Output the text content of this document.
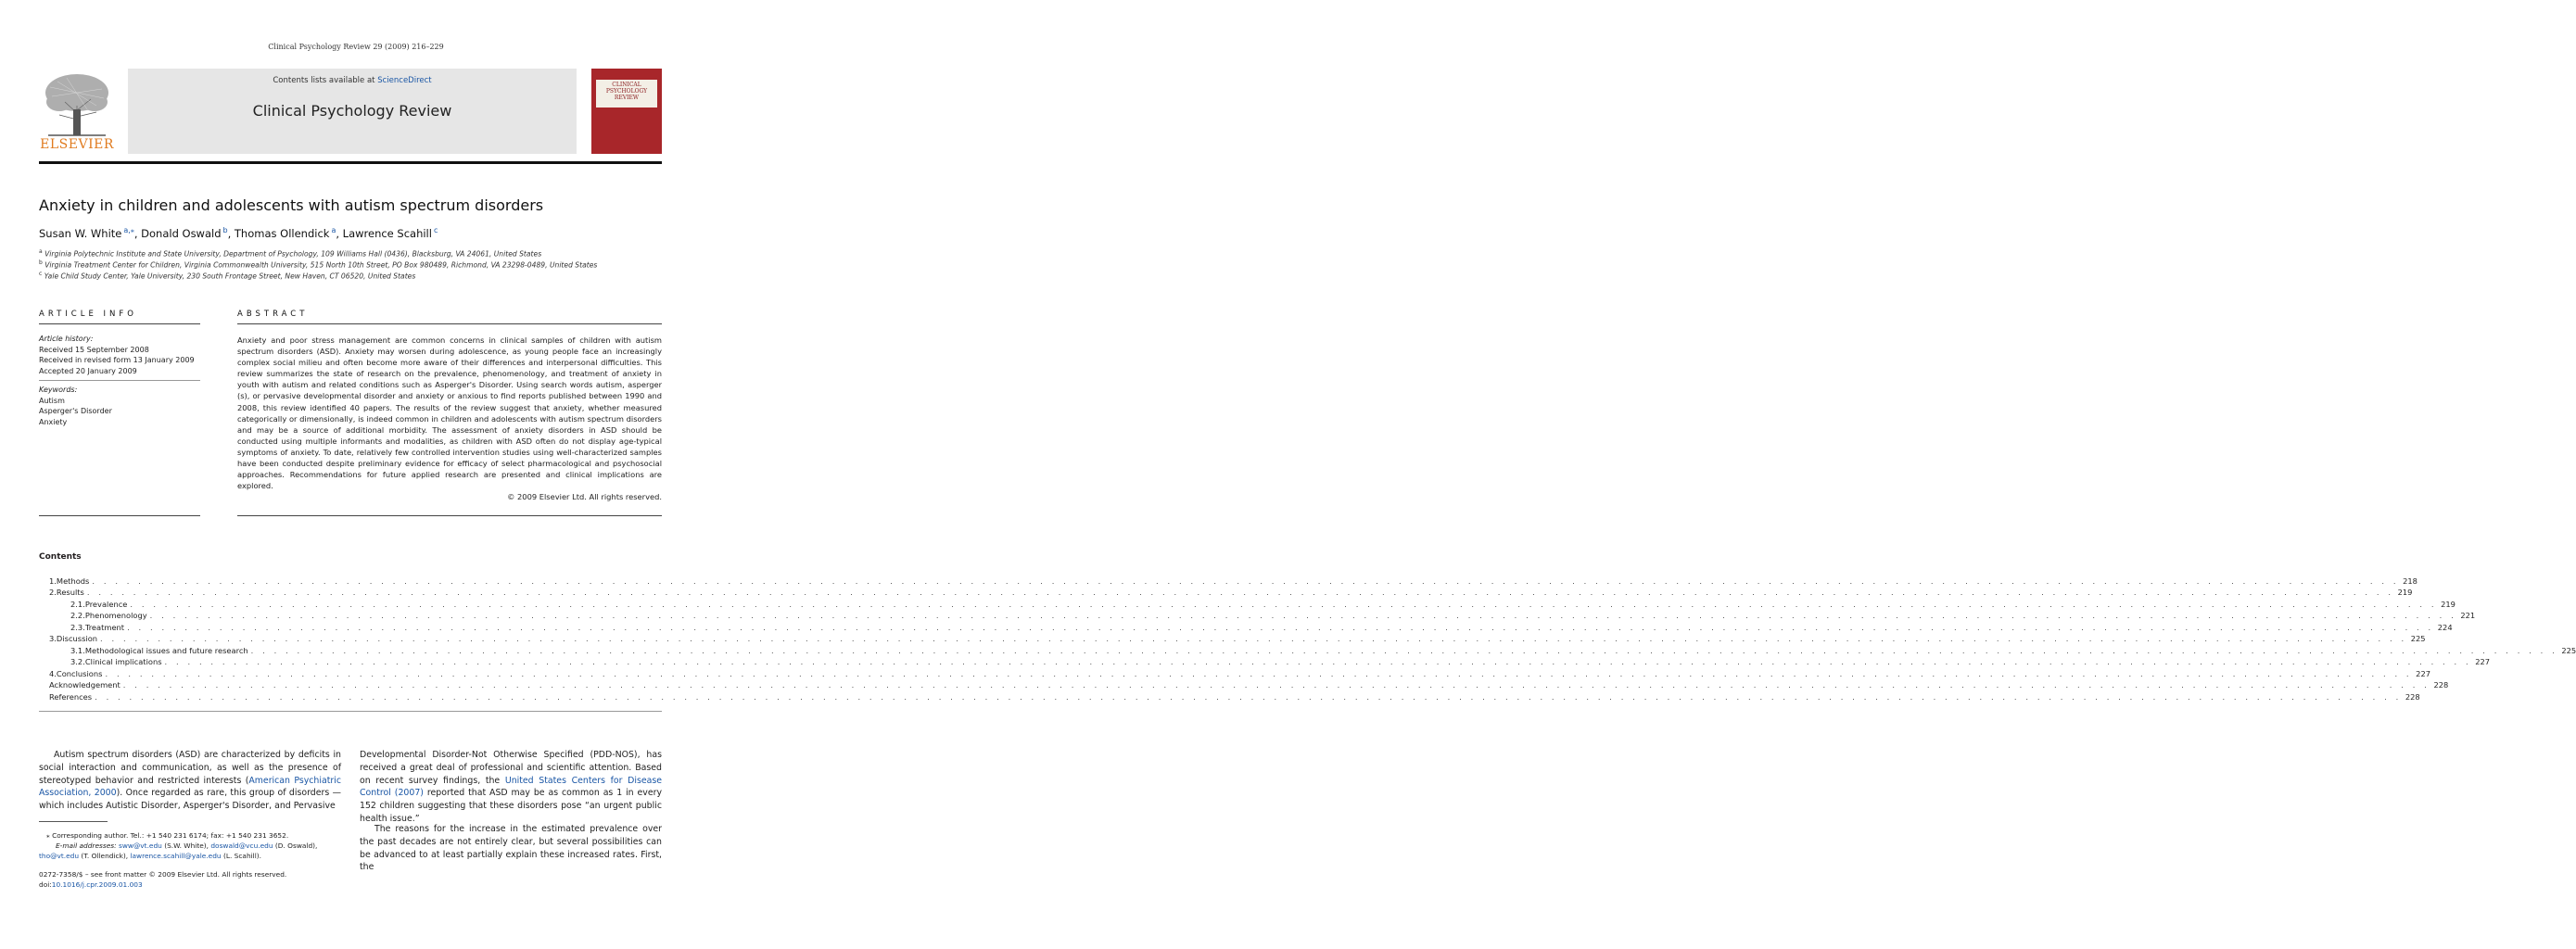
Clinical Psychology Review 29 (2009) 216–229
ELSEVIER
Contents lists available at ScienceDirect
Clinical Psychology Review
CLINICAL PSYCHOLOGY REVIEW
Anxiety in children and adolescents with autism spectrum disorders
Susan W. White $^{a,⁎}$, Donald Oswald $^b$, Thomas Ollendick $^a$, Lawrence Scahill $^c$
$^a$ Virginia Polytechnic Institute and State University, Department of Psychology, 109 Williams Hall (0436), Blacksburg, VA 24061, United States
$^b$ Virginia Treatment Center for Children, Virginia Commonwealth University, 515 North 10th Street, PO Box 980489, Richmond, VA 23298-0489, United States
$^c$ Yale Child Study Center, Yale University, 230 South Frontage Street, New Haven, CT 06520, United States
ARTICLE INFO
Article history:
Received 15 September 2008
Received in revised form 13 January 2009
Accepted 20 January 2009
Keywords:
Autism
Asperger's Disorder
Anxiety
ABSTRACT
Anxiety and poor stress management are common concerns in clinical samples of children with autism spectrum disorders (ASD). Anxiety may worsen during adolescence, as young people face an increasingly complex social milieu and often become more aware of their differences and interpersonal difficulties. This review summarizes the state of research on the prevalence, phenomenology, and treatment of anxiety in youth with autism and related conditions such as Asperger's Disorder. Using search words autism, asperger (s), or pervasive developmental disorder and anxiety or anxious to find reports published between 1990 and 2008, this review identified 40 papers. The results of the review suggest that anxiety, whether measured categorically or dimensionally, is indeed common in children and adolescents with autism spectrum disorders and may be a source of additional morbidity. The assessment of anxiety disorders in ASD should be conducted using multiple informants and modalities, as children with ASD often do not display age-typical symptoms of anxiety. To date, relatively few controlled intervention studies using well-characterized samples have been conducted despite preliminary evidence for efficacy of select pharmacological and psychosocial approaches. Recommendations for future applied research are presented and clinical implications are explored.
© 2009 Elsevier Ltd. All rights reserved.
Contents
1. Methods . . . . . . . . . . . . . . . . . . . . . . . . . . . . . . . . . . . . . . . . . . . . . . . . . . . . . . . . . . . . . . . . . . . . . . . . . . . . . . . . . . . . . . . . . . . . . . . . . . . . . . . . . . . . . . . . . . . . . . . . . . . . . . . . . . . . . . . . . . . . . . . . . . . . . . . . . . . . . . . . . . . . . . . . . . . . . . . . . . . . . . . . . . . . . . . . . . . . . . . . 218
2. Results . . . . . . . . . . . . . . . . . . . . . . . . . . . . . . . . . . . . . . . . . . . . . . . . . . . . . . . . . . . . . . . . . . . . . . . . . . . . . . . . . . . . . . . . . . . . . . . . . . . . . . . . . . . . . . . . . . . . . . . . . . . . . . . . . . . . . . . . . . . . . . . . . . . . . . . . . . . . . . . . . . . . . . . . . . . . . . . . . . . . . . . . . . . . . . . . . . . . . . . . 219
2.1. Prevalence . . . . . . . . . . . . . . . . . . . . . . . . . . . . . . . . . . . . . . . . . . . . . . . . . . . . . . . . . . . . . . . . . . . . . . . . . . . . . . . . . . . . . . . . . . . . . . . . . . . . . . . . . . . . . . . . . . . . . . . . . . . . . . . . . . . . . . . . . . . . . . . . . . . . . . . . . . . . . . . . . . . . . . . . . . . . . . . . . . . . . . . . . . . . . . . . . . . . . . . . 219
2.2. Phenomenology . . . . . . . . . . . . . . . . . . . . . . . . . . . . . . . . . . . . . . . . . . . . . . . . . . . . . . . . . . . . . . . . . . . . . . . . . . . . . . . . . . . . . . . . . . . . . . . . . . . . . . . . . . . . . . . . . . . . . . . . . . . . . . . . . . . . . . . . . . . . . . . . . . . . . . . . . . . . . . . . . . . . . . . . . . . . . . . . . . . . . . . . . . . . . . . . . . . . . . . . 221
2.3. Treatment . . . . . . . . . . . . . . . . . . . . . . . . . . . . . . . . . . . . . . . . . . . . . . . . . . . . . . . . . . . . . . . . . . . . . . . . . . . . . . . . . . . . . . . . . . . . . . . . . . . . . . . . . . . . . . . . . . . . . . . . . . . . . . . . . . . . . . . . . . . . . . . . . . . . . . . . . . . . . . . . . . . . . . . . . . . . . . . . . . . . . . . . . . . . . . . . . . . . . . . . 224
3. Discussion . . . . . . . . . . . . . . . . . . . . . . . . . . . . . . . . . . . . . . . . . . . . . . . . . . . . . . . . . . . . . . . . . . . . . . . . . . . . . . . . . . . . . . . . . . . . . . . . . . . . . . . . . . . . . . . . . . . . . . . . . . . . . . . . . . . . . . . . . . . . . . . . . . . . . . . . . . . . . . . . . . . . . . . . . . . . . . . . . . . . . . . . . . . . . . . . . . . . . . . . 225
3.1. Methodological issues and future research . . . . . . . . . . . . . . . . . . . . . . . . . . . . . . . . . . . . . . . . . . . . . . . . . . . . . . . . . . . . . . . . . . . . . . . . . . . . . . . . . . . . . . . . . . . . . . . . . . . . . . . . . . . . . . . . . . . . . . . . . . . . . . . . . . . . . . . . . . . . . . . . . . . . . . . . . . . . . . . . . . . . . . . . . . . . . . . . . . . . . . . . . . . . . . . . . . . . . . . . 225
3.2. Clinical implications . . . . . . . . . . . . . . . . . . . . . . . . . . . . . . . . . . . . . . . . . . . . . . . . . . . . . . . . . . . . . . . . . . . . . . . . . . . . . . . . . . . . . . . . . . . . . . . . . . . . . . . . . . . . . . . . . . . . . . . . . . . . . . . . . . . . . . . . . . . . . . . . . . . . . . . . . . . . . . . . . . . . . . . . . . . . . . . . . . . . . . . . . . . . . . . . . . . . . . . . 227
4. Conclusions . . . . . . . . . . . . . . . . . . . . . . . . . . . . . . . . . . . . . . . . . . . . . . . . . . . . . . . . . . . . . . . . . . . . . . . . . . . . . . . . . . . . . . . . . . . . . . . . . . . . . . . . . . . . . . . . . . . . . . . . . . . . . . . . . . . . . . . . . . . . . . . . . . . . . . . . . . . . . . . . . . . . . . . . . . . . . . . . . . . . . . . . . . . . . . . . . . . . . . . . 227
Acknowledgement . . . . . . . . . . . . . . . . . . . . . . . . . . . . . . . . . . . . . . . . . . . . . . . . . . . . . . . . . . . . . . . . . . . . . . . . . . . . . . . . . . . . . . . . . . . . . . . . . . . . . . . . . . . . . . . . . . . . . . . . . . . . . . . . . . . . . . . . . . . . . . . . . . . . . . . . . . . . . . . . . . . . . . . . . . . . . . . . . . . . . . . . . . . . . . . . . . . . . . . . 228
References . . . . . . . . . . . . . . . . . . . . . . . . . . . . . . . . . . . . . . . . . . . . . . . . . . . . . . . . . . . . . . . . . . . . . . . . . . . . . . . . . . . . . . . . . . . . . . . . . . . . . . . . . . . . . . . . . . . . . . . . . . . . . . . . . . . . . . . . . . . . . . . . . . . . . . . . . . . . . . . . . . . . . . . . . . . . . . . . . . . . . . . . . . . . . . . . . . . . . . . . 228
Autism spectrum disorders (ASD) are characterized by deficits in social interaction and communication, as well as the presence of stereotyped behavior and restricted interests (American Psychiatric Association, 2000). Once regarded as rare, this group of disorders — which includes Autistic Disorder, Asperger's Disorder, and Pervasive
⁎ Corresponding author. Tel.: +1 540 231 6174; fax: +1 540 231 3652.
E-mail addresses: sww@vt.edu (S.W. White), doswald@vcu.edu (D. Oswald),
tho@vt.edu (T. Ollendick), lawrence.scahill@yale.edu (L. Scahill).
0272-7358/$ – see front matter © 2009 Elsevier Ltd. All rights reserved.
doi:10.1016/j.cpr.2009.01.003
Developmental Disorder-Not Otherwise Specified (PDD-NOS), has received a great deal of professional and scientific attention. Based on recent survey findings, the United States Centers for Disease Control (2007) reported that ASD may be as common as 1 in every 152 children suggesting that these disorders pose “an urgent public health issue.”
The reasons for the increase in the estimated prevalence over the past decades are not entirely clear, but several possibilities can be advanced to at least partially explain these increased rates. First, the
